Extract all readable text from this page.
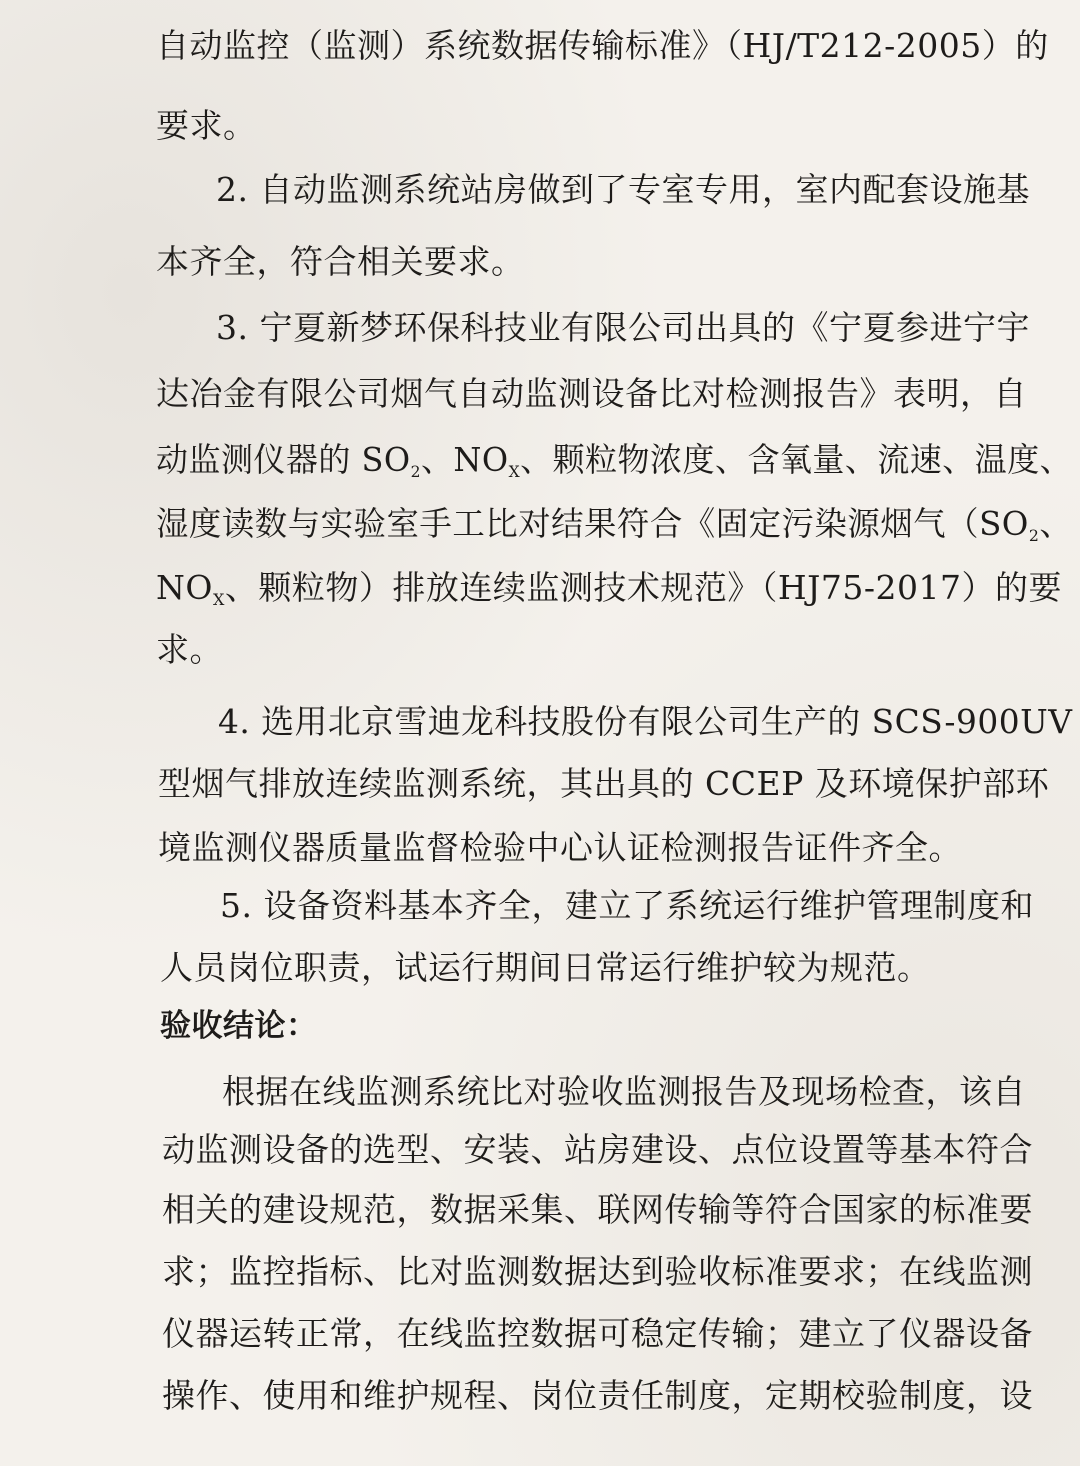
自动监控（监测）系统数据传输标准》（HJ/T212-2005）的
要求。
2. 自动监测系统站房做到了专室专用，室内配套设施基
本齐全，符合相关要求。
3. 宁夏新梦环保科技业有限公司出具的《宁夏参进宁宇
达冶金有限公司烟气自动监测设备比对检测报告》表明，自
动监测仪器的 $SO_2$、$NO_X$、颗粒物浓度、含氧量、流速、温度、
湿度读数与实验室手工比对结果符合《固定污染源烟气（$SO_2$、
$NO_X$、颗粒物）排放连续监测技术规范》（HJ75-2017）的要
求。
4. 选用北京雪迪龙科技股份有限公司生产的 SCS-900UV
型烟气排放连续监测系统，其出具的 CCEP 及环境保护部环
境监测仪器质量监督检验中心认证检测报告证件齐全。
5. 设备资料基本齐全，建立了系统运行维护管理制度和
人员岗位职责，试运行期间日常运行维护较为规范。
验收结论：
根据在线监测系统比对验收监测报告及现场检查，该自
动监测设备的选型、安装、站房建设、点位设置等基本符合
相关的建设规范，数据采集、联网传输等符合国家的标准要
求；监控指标、比对监测数据达到验收标准要求；在线监测
仪器运转正常，在线监控数据可稳定传输；建立了仪器设备
操作、使用和维护规程、岗位责任制度，定期校验制度，设
